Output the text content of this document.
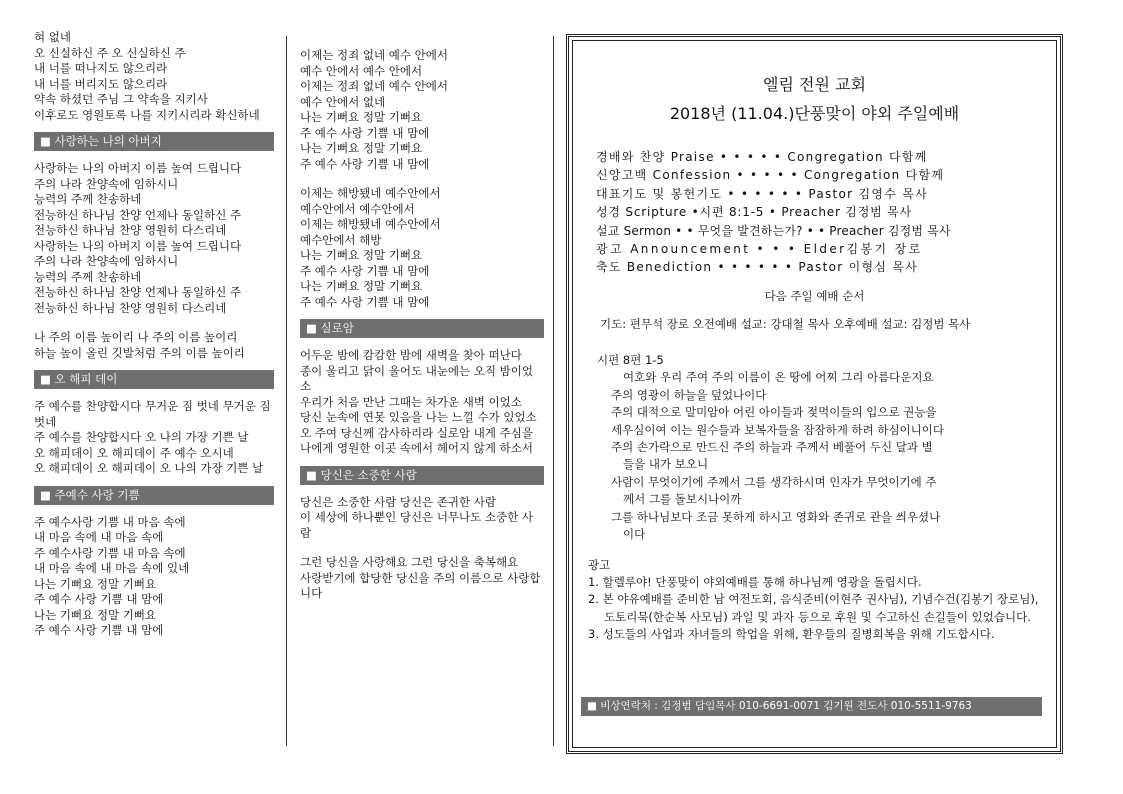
혀 없네
오 신실하신 주 오 신실하신 주
내 너를 떠나지도 않으리라
내 너를 버리지도 않으리라
약속 하셨던 주님 그 약속을 지키사
이후로도 영원토록 나를 지키시리라 확신하네
■ 사랑하는 나의 아버지
사랑하는 나의 아버지 이름 높여 드립니다
주의 나라 찬양속에 임하시니
능력의 주께 찬송하네
전능하신 하나님 찬양 언제나 동일하신 주
전능하신 하나님 찬양 영원히 다스리네
사랑하는 나의 아버지 이름 높여 드립니다
주의 나라 찬양속에 임하시니
능력의 주께 찬송하네
전능하신 하나님 찬양 언제나 동일하신 주
전능하신 하나님 찬양 영원히 다스리네
나 주의 이름 높이리 나 주의 이름 높이리
하늘 높이 올린 깃발처럼 주의 이름 높이리
■ 오 해피 데이
주 예수를 찬양합시다 무거운 짐 벗네 무거운 짐 벗네
주 예수를 찬양합시다 오 나의 가장 기쁜 날
오 해피데이 오 해피데이 주 예수 오시네
오 해피데이 오 해피데이 오 나의 가장 기쁜 날
■ 주예수 사랑 기쁨
주 예수사랑 기쁨 내 마음 속에
내 마음 속에 내 마음 속에
주 예수사랑 기쁨 내 마음 속에
내 마음 속에 내 마음 속에 있네
나는 기뻐요 정말 기뻐요
주 예수 사랑 기쁨 내 맘에
나는 기뻐요 정말 기뻐요
주 예수 사랑 기쁨 내 맘에
이제는 정죄 없네 예수 안에서
예수 안에서 예수 안에서
이제는 정죄 없네 예수 안에서
예수 안에서 없네
나는 기뻐요 정말 기뻐요
주 예수 사랑 기쁨 내 맘에
나는 기뻐요 정말 기뻐요
주 예수 사랑 기쁨 내 맘에
이제는 해방됐네 예수안에서
예수안에서 예수안에서
이제는 해방됐네 예수안에서
예수안에서 해방
나는 기뻐요 정말 기뻐요
주 예수 사랑 기쁨 내 맘에
나는 기뻐요 정말 기뻐요
주 예수 사랑 기쁨 내 맘에
■ 실로암
어두운 밤에 캄캄한 밤에 새벽을 찾아 떠난다
종이 울리고 닭이 울어도 내눈에는 오직 밤이었소
우리가 처음 만난 그때는 차가운 새벽 이었소
당신 눈속에 연못 있음을 나는 느낄 수가 있었소
오 주여 당신께 감사하리라 실로암 내게 주심을
나에게 영원한 이곳 속에서 헤어지 않게 하소서
■ 당신은 소중한 사람
당신은 소중한 사람 당신은 존귀한 사람
이 세상에 하나뿐인 당신은 너무나도 소중한 사람
그런 당신을 사랑해요 그런 당신을 축복해요
사랑받기에 합당한 당신을 주의 이름으로 사랑합니다
엘림 전원 교회
2018년 (11.04.)단풍맞이 야외 주일예배
경배와 찬양 Praise • • • • • Congregation 다함께
신앙고백 Confession • • • • • Congregation 다함께
대표기도 및 봉헌기도 • • • • • • Pastor 김영수 목사
성경 Scripture •시편 8:1-5 • Preacher 김정범 목사
설교 Sermon • • 무엇을 발견하는가? • • Preacher 김정범 목사
광고 Announcement • • • Elder김봉기 장로
축도 Benediction • • • • • • Pastor 이형심 목사
다음 주일 예배 순서
기도: 편무석 장로 오전예배 설교: 강대철 목사 오후예배 설교: 김정범 목사
시편 8편 1-5
여호와 우리 주여 주의 이름이 온 땅에 어찌 그리 아름다운지요
주의 영광이 하늘을 덮었나이다
주의 대적으로 말미암아 어린 아이들과 젖먹이들의 입으로 권능을
세우심이여 이는 원수들과 보복자들을 잠잠하게 하려 하심이니이다
주의 손가락으로 만드신 주의 하늘과 주께서 베풀어 두신 달과 별
들을 내가 보오니
사람이 무엇이기에 주께서 그를 생각하시며 인자가 무엇이기에 주
께서 그를 돌보시나이까
그를 하나님보다 조금 못하게 하시고 영화와 존귀로 관을 씌우셨나
이다
광고
1. 할렐루야! 단풍맞이 야외예배를 통해 하나님께 영광을 돌립시다.
2. 본 야유예배를 준비한 남 여전도회, 음식준비(이현주 권사님), 기념수건(김봉기 장로님), 도토리묵(한순복 사모님) 과일 및 과자 등으로 후원 및 수고하신 손길들이 있었습니다.
3. 성도들의 사업과 자녀들의 학업을 위해, 환우들의 질병회복을 위해 기도합시다.
■ 비상연락처 : 김정범 담임목사 010-6691-0071 김기원 전도사 010-5511-9763
